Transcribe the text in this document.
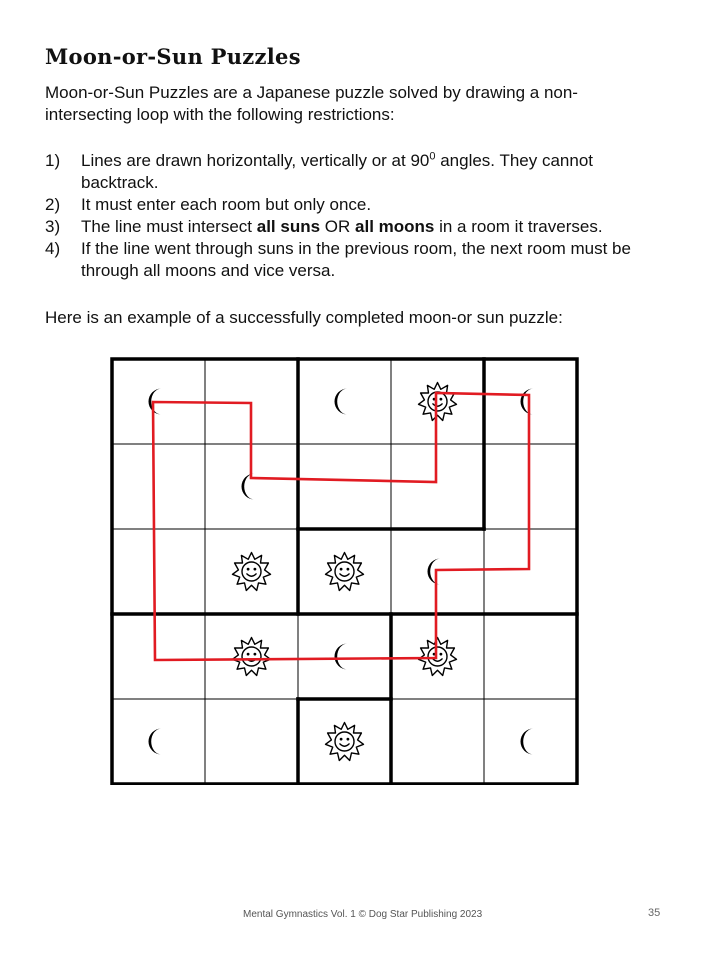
Moon-or-Sun Puzzles
Moon-or-Sun Puzzles are a Japanese puzzle solved by drawing a non-intersecting loop with the following restrictions:
1) Lines are drawn horizontally, vertically or at $90^0$ angles. They cannot backtrack.
2) It must enter each room but only once.
3) The line must intersect all suns OR all moons in a room it traverses.
4) If the line went through suns in the previous room, the next room must be through all moons and vice versa.
Here is an example of a successfully completed moon-or sun puzzle:
Mental Gymnastics Vol. 1 © Dog Star Publishing 2023	35
